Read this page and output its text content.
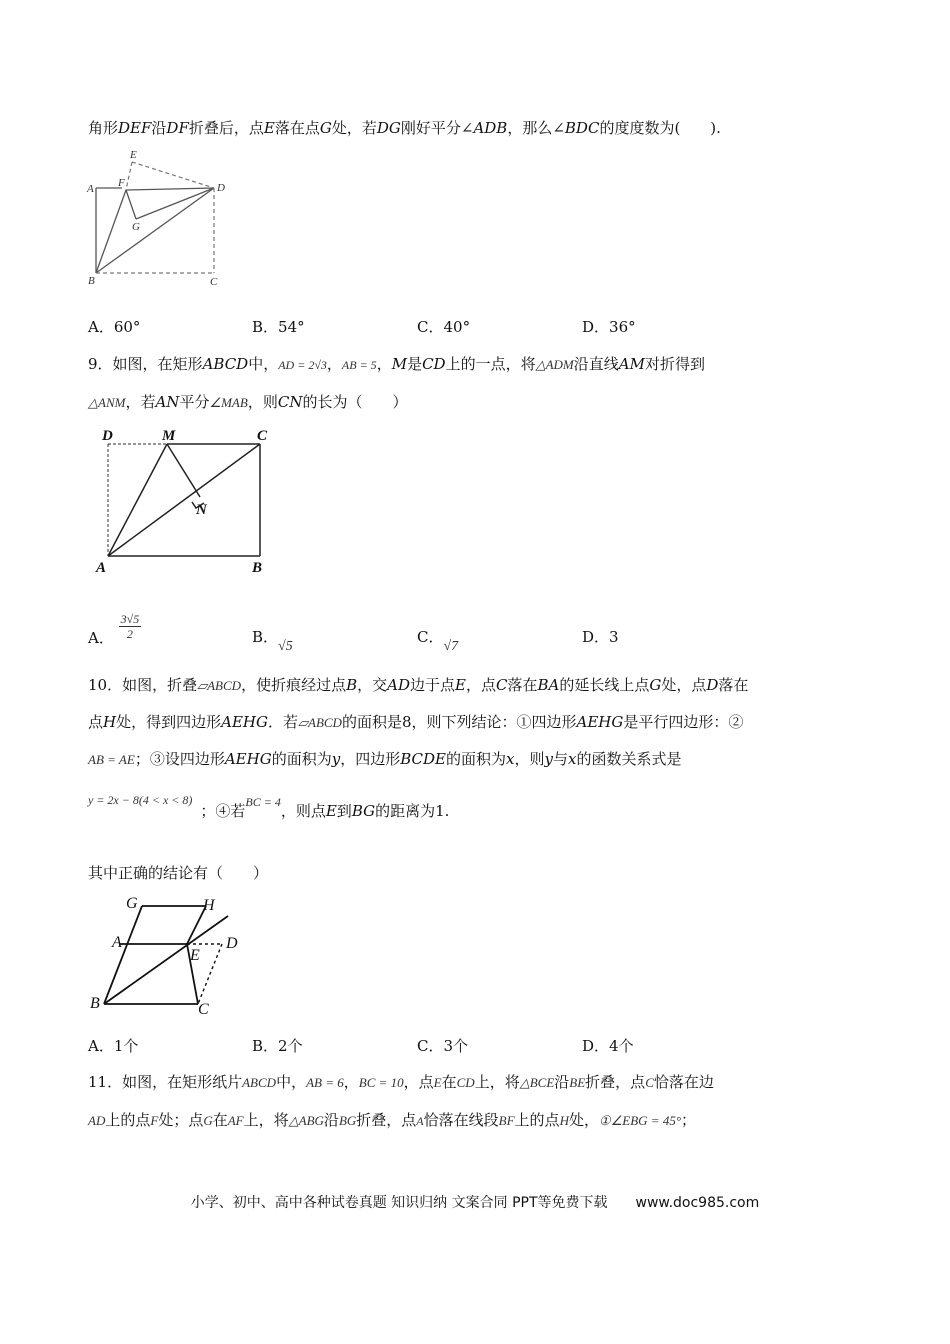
角形DEF沿DF折叠后，点E落在点G处，若DG刚好平分∠ADB，那么∠BDC的度度数为(　　).
E
A F	D
G
B	C
A．60°	B．54°	C．40°	D．36°
9．如图，在矩形ABCD中，AD = 2√3，AB = 5，M是CD上的一点，将△ADM沿直线AM对折得到
△ANM，若AN平分∠MAB，则CN的长为（　　）
D	M	C
N
A	B
A． $\frac{3√5}{2}$	B．√5
C．√7
D．3
10．如图，折叠▱ABCD，使折痕经过点B，交AD边于点E，点C落在BA的延长线上点G处，点D落在
点H处，得到四边形AEHG．若▱ABCD的面积是8，则下列结论：①四边形AEHG是平行四边形：②
AB = AE；③设四边形AEHG的面积为y，四边形BCDE的面积为x，则y与x的函数关系式是
$^{y = 2x - 8(4 < x < 8)}$；④若$^{BC = 4}$，则点E到BG的距离为1.
其中正确的结论有（　　）
G	H
A	D
E
B	C
A．1个	B．2个	C．3个	D．4个
11．如图，在矩形纸片ABCD中，AB = 6，BC = 10，点E在CD上，将△BCE沿BE折叠，点C恰落在边
AD上的点F处；点G在AF上，将△ABG沿BG折叠，点A恰落在线段BF上的点H处，①∠EBG = 45°；
小学、初中、高中各种试卷真题 知识归纳 文案合同 PPT等免费下载 www.doc985.com
